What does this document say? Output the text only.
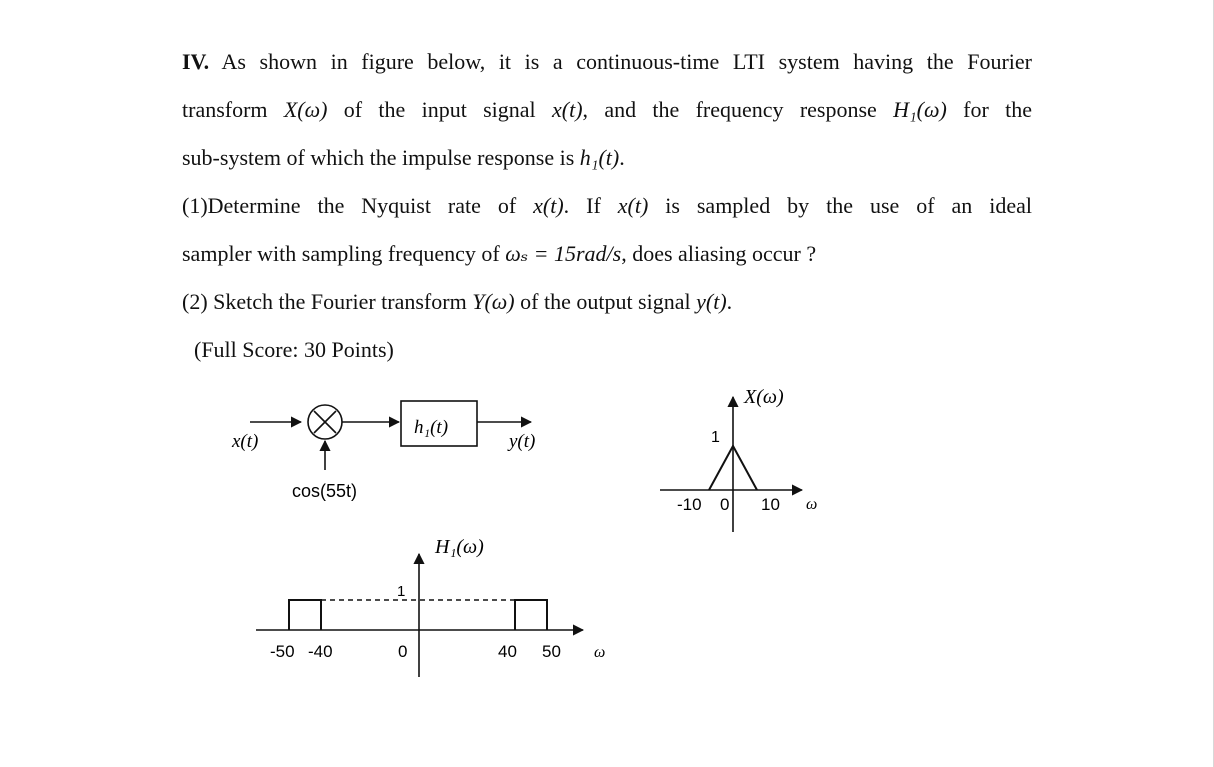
IV. As shown in figure below, it is a continuous-time LTI system having the Fourier
transform X(ω) of the input signal x(t), and the frequency response H₁(ω) for the
sub-system of which the impulse response is h₁(t).
(1)Determine the Nyquist rate of x(t). If x(t) is sampled by the use of an ideal
sampler with sampling frequency of ωₛ = 15rad/s, does aliasing occur ?
(2) Sketch the Fourier transform Y(ω) of the output signal y(t).
(Full Score: 30 Points)
x(t)
cos(55t)
h₁(t)
y(t)
X(ω)
1
-10 0 10 ω
H₁(ω)
1
-50 -40	0	40 50 ω
